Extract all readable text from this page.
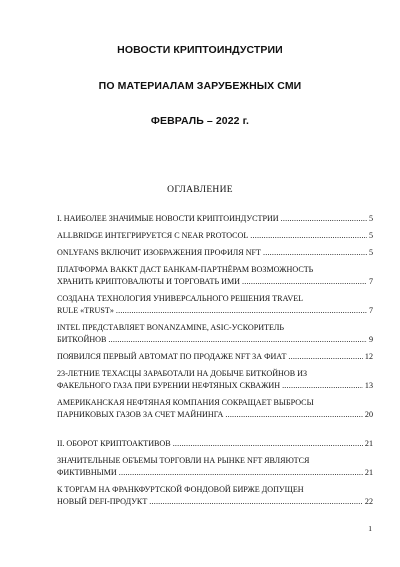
НОВОСТИ КРИПТОИНДУСТРИИ
ПО МАТЕРИАЛАМ ЗАРУБЕЖНЫХ СМИ
ФЕВРАЛЬ – 2022 г.
ОГЛАВЛЕНИЕ
I. НАИБОЛЕЕ ЗНАЧИМЫЕ НОВОСТИ КРИПТОИНДУСТРИИ .....	5
ALLBRIDGE ИНТЕГРИРУЕТСЯ С NEAR PROTOCOL .....	5
ONLYFANS ВКЛЮЧИТ ИЗОБРАЖЕНИЯ ПРОФИЛЯ NFT .....	5
ПЛАТФОРМА BAKKT ДАСТ БАНКАМ-ПАРТНЁРАМ ВОЗМОЖНОСТЬ
ХРАНИТЬ КРИПТОВАЛЮТЫ И ТОРГОВАТЬ ИМИ .....	7
СОЗДАНА ТЕХНОЛОГИЯ УНИВЕРСАЛЬНОГО РЕШЕНИЯ TRAVEL
RULE «TRUST» .....	7
INTEL ПРЕДСТАВЛЯЕТ BONANZAMINE, ASIC-УСКОРИТЕЛЬ
БИТКОЙНОВ .....	9
ПОЯВИЛСЯ ПЕРВЫЙ АВТОМАТ ПО ПРОДАЖЕ NFT ЗА ФИАТ .....	12
23-ЛЕТНИЕ ТЕХАСЦЫ ЗАРАБОТАЛИ НА ДОБЫЧЕ БИТКОЙНОВ ИЗ
ФАКЕЛЬНОГО ГАЗА ПРИ БУРЕНИИ НЕФТЯНЫХ СКВАЖИН .....	13
АМЕРИКАНСКАЯ НЕФТЯНАЯ КОМПАНИЯ СОКРАЩАЕТ ВЫБРОСЫ
ПАРНИКОВЫХ ГАЗОВ ЗА СЧЕТ МАЙНИНГА .....	20
II. ОБОРОТ КРИПТОАКТИВОВ .....	21
ЗНАЧИТЕЛЬНЫЕ ОБЪЕМЫ ТОРГОВЛИ НА РЫНКЕ NFT ЯВЛЯЮТСЯ
ФИКТИВНЫМИ .....	21
К ТОРГАМ НА ФРАНКФУРТСКОЙ ФОНДОВОЙ БИРЖЕ ДОПУЩЕН
НОВЫЙ DEFI-ПРОДУКТ .....	22
1
